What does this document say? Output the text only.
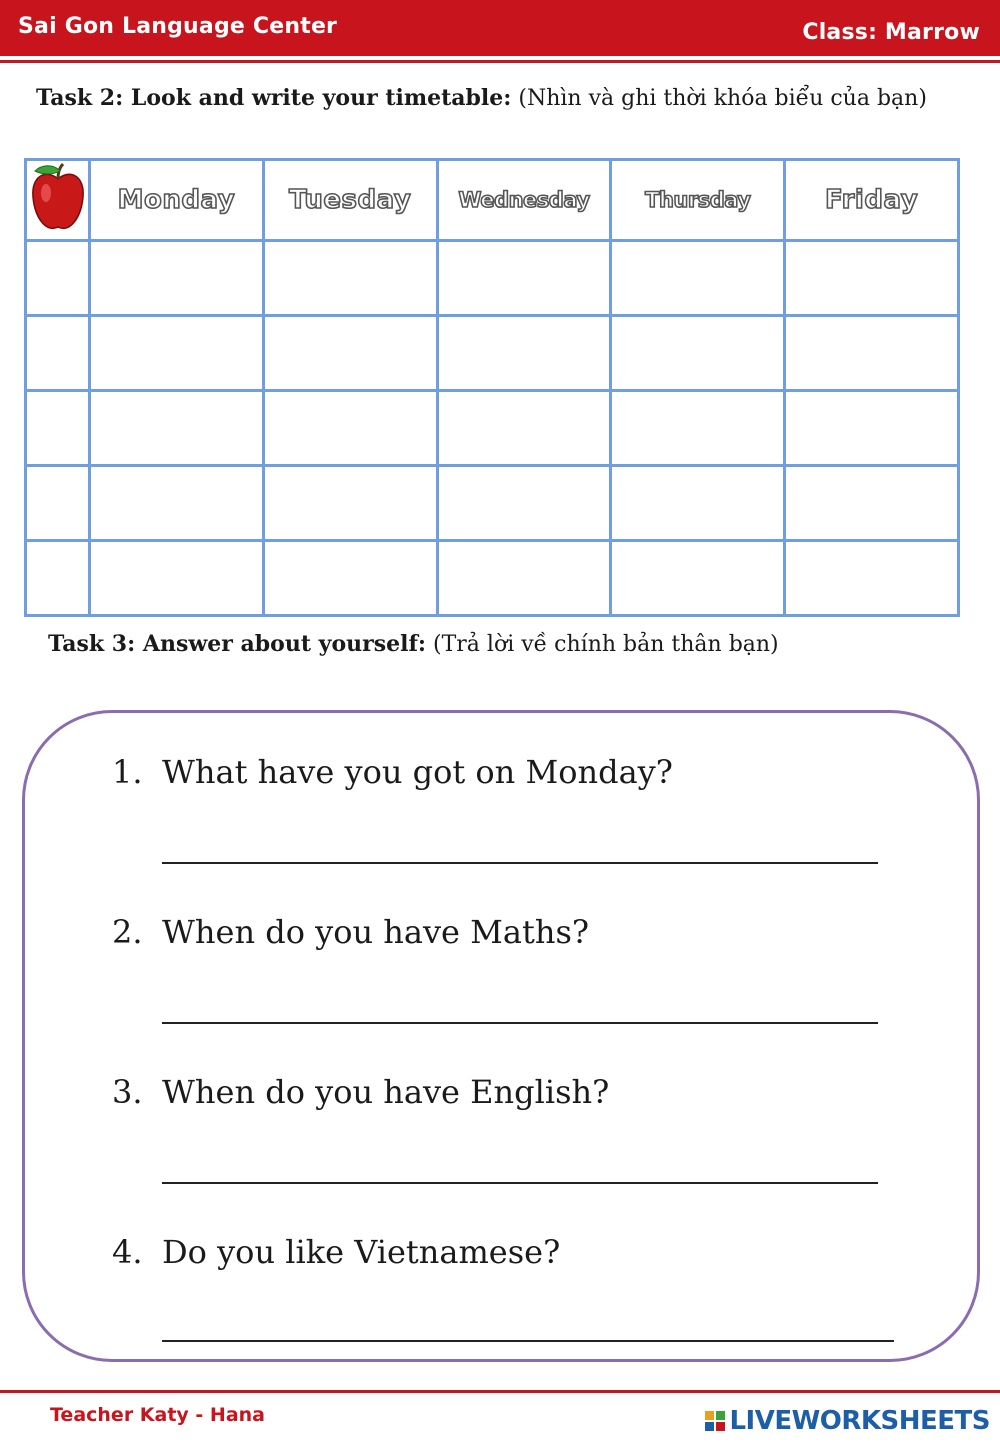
Sai Gon Language Center	Class: Marrow
Task 2: Look and write your timetable: (Nhìn và ghi thời khóa biểu của bạn)
	Monday	Tuesday	Wednesday	Thursday	Friday

Task 3: Answer about yourself: (Trả lời về chính bản thân bạn)
1. What have you got on Monday?
2. When do you have Maths?
3. When do you have English?
4. Do you like Vietnamese?
Teacher Katy - Hana	LIVEWORKSHEETS
